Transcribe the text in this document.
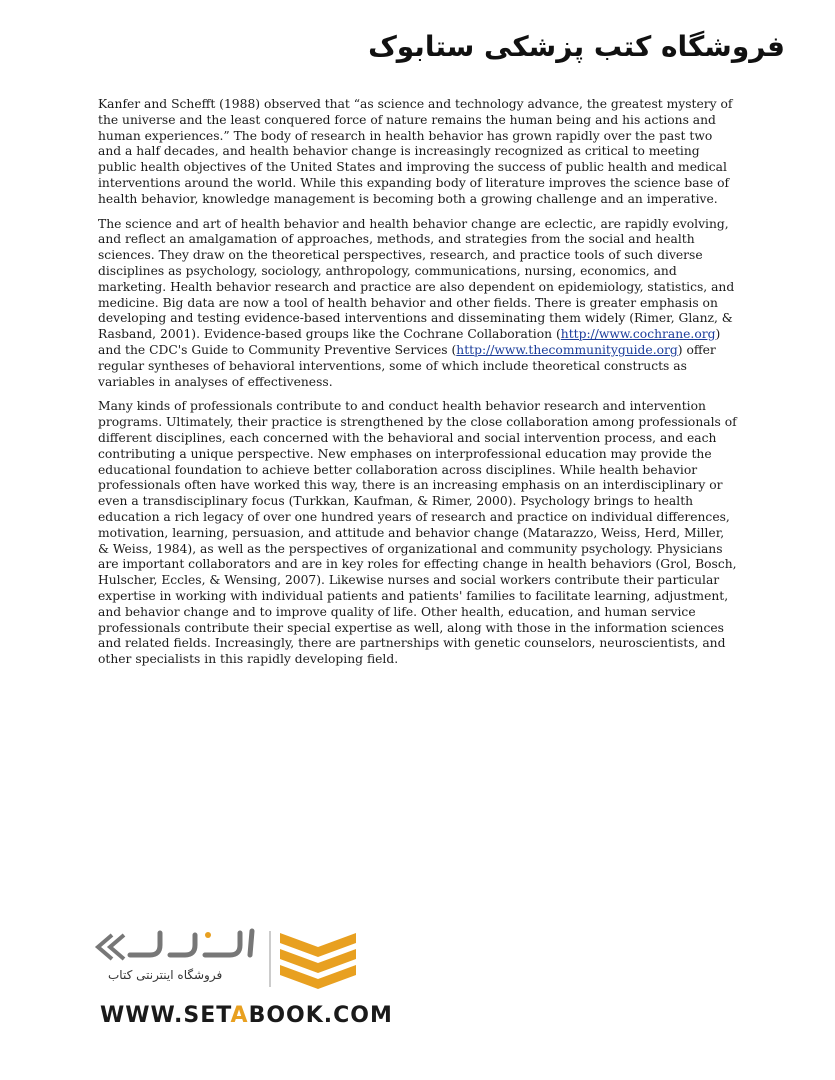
فروشگاه کتب پزشکی ستابوک

Kanfer and Schefft (1988) observed that “as science and technology advance, the greatest mystery of the universe and the least conquered force of nature remains the human being and his actions and human experiences.” The body of research in health behavior has grown rapidly over the past two and a half decades, and health behavior change is increasingly recognized as critical to meeting public health objectives of the United States and improving the success of public health and medical interventions around the world. While this expanding body of literature improves the science base of health behavior, knowledge management is becoming both a growing challenge and an imperative.

The science and art of health behavior and health behavior change are eclectic, are rapidly evolving, and reflect an amalgamation of approaches, methods, and strategies from the social and health sciences. They draw on the theoretical perspectives, research, and practice tools of such diverse disciplines as psychology, sociology, anthropology, communications, nursing, economics, and marketing. Health behavior research and practice are also dependent on epidemiology, statistics, and medicine. Big data are now a tool of health behavior and other fields. There is greater emphasis on developing and testing evidence-based interventions and disseminating them widely (Rimer, Glanz, & Rasband, 2001). Evidence-based groups like the Cochrane Collaboration (http://www.cochrane.org) and the CDC's Guide to Community Preventive Services (http://www.thecommunityguide.org) offer regular syntheses of behavioral interventions, some of which include theoretical constructs as variables in analyses of effectiveness.

Many kinds of professionals contribute to and conduct health behavior research and intervention programs. Ultimately, their practice is strengthened by the close collaboration among professionals of different disciplines, each concerned with the behavioral and social intervention process, and each contributing a unique perspective. New emphases on interprofessional education may provide the educational foundation to achieve better collaboration across disciplines. While health behavior professionals often have worked this way, there is an increasing emphasis on an interdisciplinary or even a transdisciplinary focus (Turkkan, Kaufman, & Rimer, 2000). Psychology brings to health education a rich legacy of over one hundred years of research and practice on individual differences, motivation, learning, persuasion, and attitude and behavior change (Matarazzo, Weiss, Herd, Miller, & Weiss, 1984), as well as the perspectives of organizational and community psychology. Physicians are important collaborators and are in key roles for effecting change in health behaviors (Grol, Bosch, Hulscher, Eccles, & Wensing, 2007). Likewise nurses and social workers contribute their particular expertise in working with individual patients and patients' families to facilitate learning, adjustment, and behavior change and to improve quality of life. Other health, education, and human service professionals contribute their special expertise as well, along with those in the information sciences and related fields. Increasingly, there are partnerships with genetic counselors, neuroscientists, and other specialists in this rapidly developing field.

فروشگاه اینترنتی کتاب
WWW.SETABOOK.COM
